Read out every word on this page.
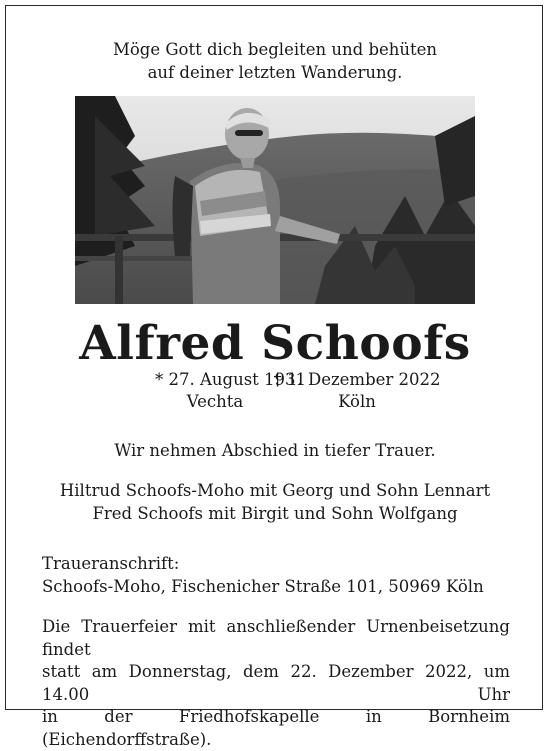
Möge Gott dich begleiten und behüten
auf deiner letzten Wanderung.
Alfred Schoofs
* 27. August 1931
Vechta
† 1. Dezember 2022
Köln
Wir nehmen Abschied in tiefer Trauer.
Hiltrud Schoofs-Moho mit Georg und Sohn Lennart
Fred Schoofs mit Birgit und Sohn Wolfgang
Traueranschrift:
Schoofs-Moho, Fischenicher Straße 101, 50969 Köln
Die Trauerfeier mit anschließender Urnenbeisetzung findet
statt am Donnerstag, dem 22. Dezember 2022, um 14.00 Uhr
in der Friedhofskapelle in Bornheim (Eichendorffstraße).
